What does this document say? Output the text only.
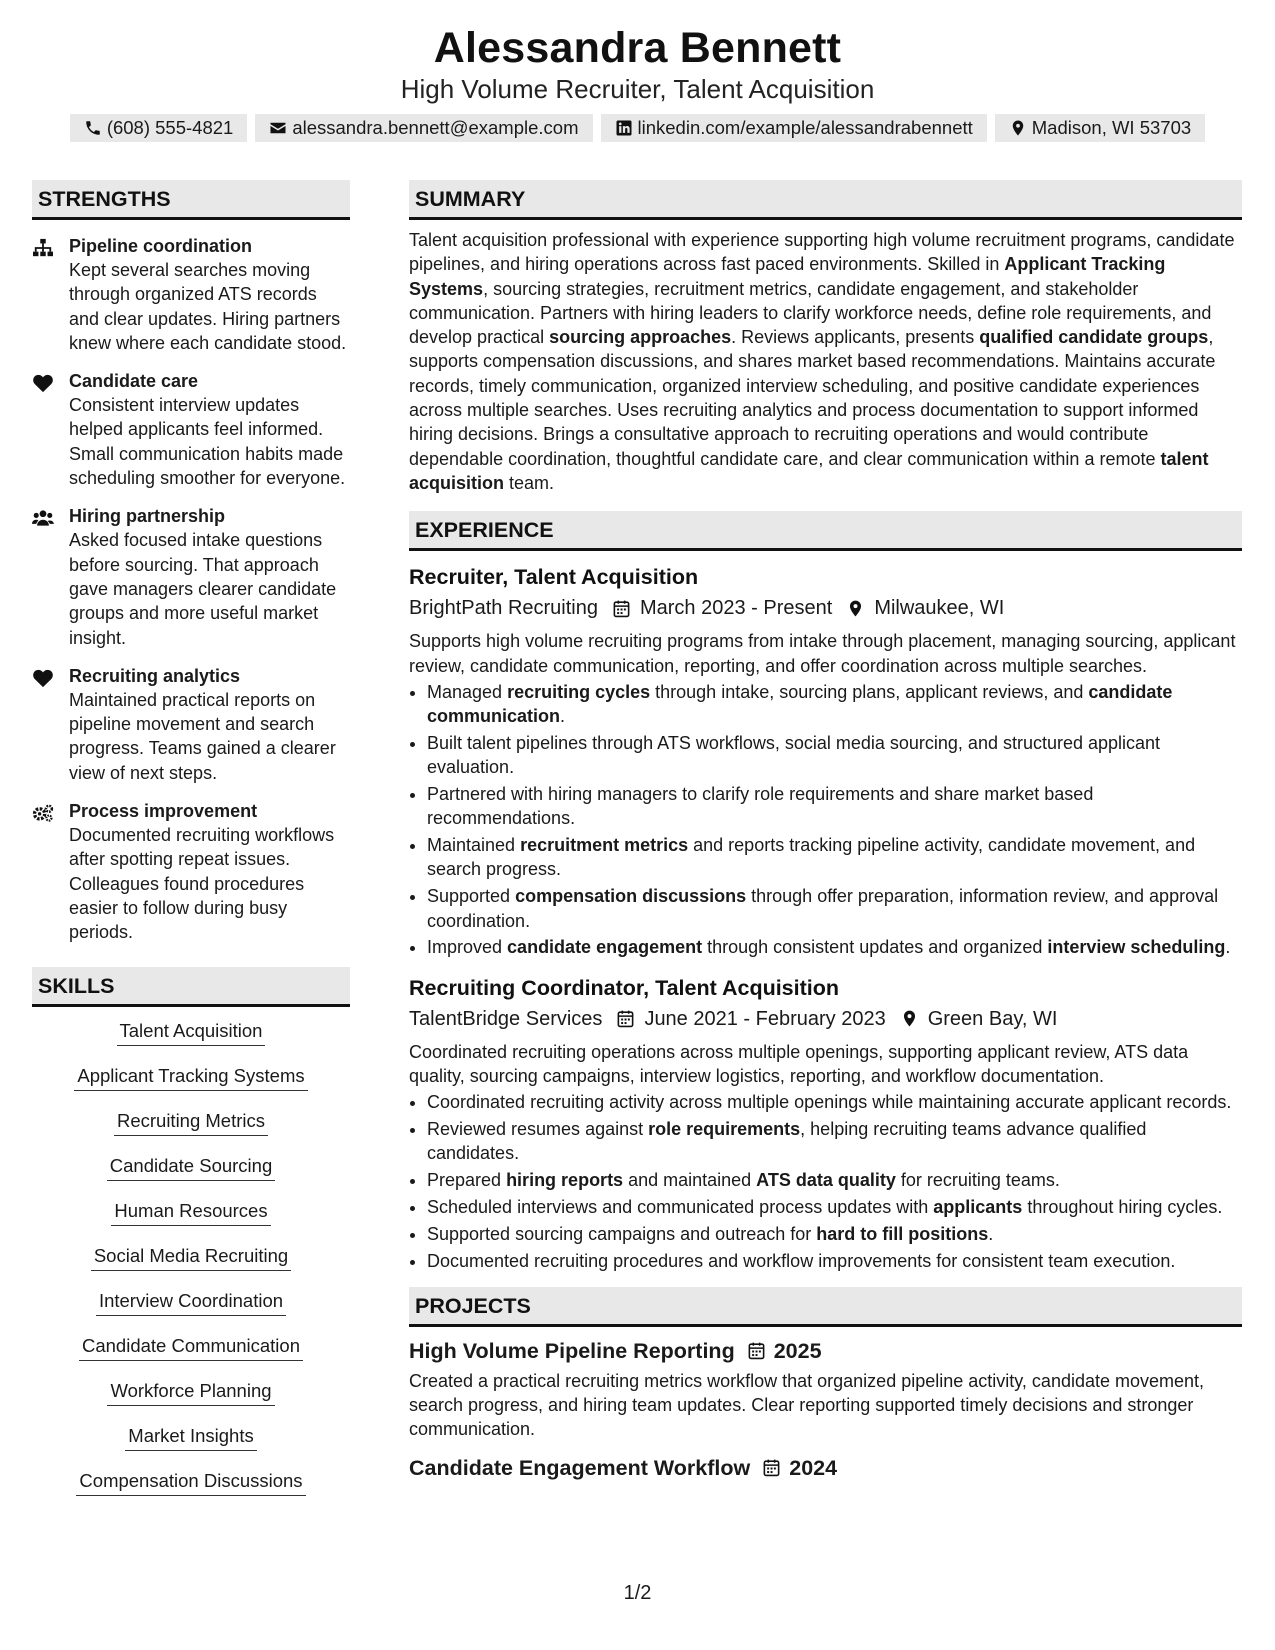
Alessandra Bennett
High Volume Recruiter, Talent Acquisition
(608) 555-4821	alessandra.bennett@example.com	linkedin.com/example/alessandrabennett	Madison, WI 53703
STRENGTHS
Pipeline coordination
Kept several searches moving through organized ATS records and clear updates. Hiring partners knew where each candidate stood.
Candidate care
Consistent interview updates helped applicants feel informed. Small communication habits made scheduling smoother for everyone.
Hiring partnership
Asked focused intake questions before sourcing. That approach gave managers clearer candidate groups and more useful market insight.
Recruiting analytics
Maintained practical reports on pipeline movement and search progress. Teams gained a clearer view of next steps.
Process improvement
Documented recruiting workflows after spotting repeat issues. Colleagues found procedures easier to follow during busy periods.
SKILLS
Talent Acquisition
Applicant Tracking Systems
Recruiting Metrics
Candidate Sourcing
Human Resources
Social Media Recruiting
Interview Coordination
Candidate Communication
Workforce Planning
Market Insights
Compensation Discussions
SUMMARY
Talent acquisition professional with experience supporting high volume recruitment programs, candidate pipelines, and hiring operations across fast paced environments. Skilled in Applicant Tracking Systems, sourcing strategies, recruitment metrics, candidate engagement, and stakeholder communication. Partners with hiring leaders to clarify workforce needs, define role requirements, and develop practical sourcing approaches. Reviews applicants, presents qualified candidate groups, supports compensation discussions, and shares market based recommendations. Maintains accurate records, timely communication, organized interview scheduling, and positive candidate experiences across multiple searches. Uses recruiting analytics and process documentation to support informed hiring decisions. Brings a consultative approach to recruiting operations and would contribute dependable coordination, thoughtful candidate care, and clear communication within a remote talent acquisition team.
EXPERIENCE
Recruiter, Talent Acquisition
BrightPath Recruiting March 2023 - Present Milwaukee, WI
Supports high volume recruiting programs from intake through placement, managing sourcing, applicant review, candidate communication, reporting, and offer coordination across multiple searches.
• Managed recruiting cycles through intake, sourcing plans, applicant reviews, and candidate communication.
• Built talent pipelines through ATS workflows, social media sourcing, and structured applicant evaluation.
• Partnered with hiring managers to clarify role requirements and share market based recommendations.
• Maintained recruitment metrics and reports tracking pipeline activity, candidate movement, and search progress.
• Supported compensation discussions through offer preparation, information review, and approval coordination.
• Improved candidate engagement through consistent updates and organized interview scheduling.
Recruiting Coordinator, Talent Acquisition
TalentBridge Services June 2021 - February 2023 Green Bay, WI
Coordinated recruiting operations across multiple openings, supporting applicant review, ATS data quality, sourcing campaigns, interview logistics, reporting, and workflow documentation.
• Coordinated recruiting activity across multiple openings while maintaining accurate applicant records.
• Reviewed resumes against role requirements, helping recruiting teams advance qualified candidates.
• Prepared hiring reports and maintained ATS data quality for recruiting teams.
• Scheduled interviews and communicated process updates with applicants throughout hiring cycles.
• Supported sourcing campaigns and outreach for hard to fill positions.
• Documented recruiting procedures and workflow improvements for consistent team execution.
PROJECTS
High Volume Pipeline Reporting 2025
Created a practical recruiting metrics workflow that organized pipeline activity, candidate movement, search progress, and hiring team updates. Clear reporting supported timely decisions and stronger communication.
Candidate Engagement Workflow 2024
1/2
